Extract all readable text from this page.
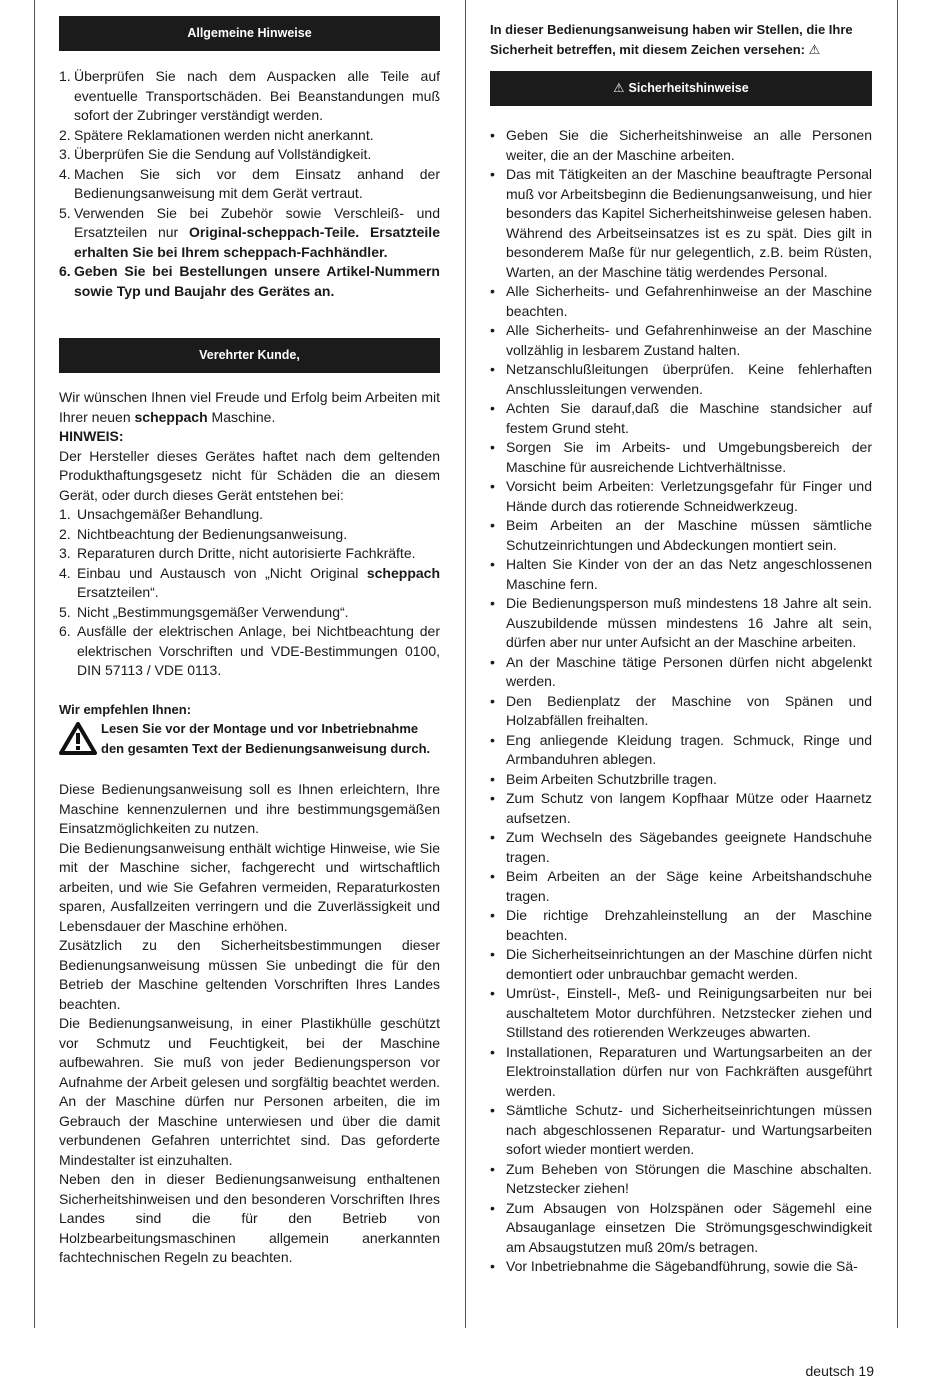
Allgemeine Hinweise
1. Überprüfen Sie nach dem Auspacken alle Teile auf eventuelle Transportschäden. Bei Beanstandungen muß sofort der Zubringer verständigt werden.
2. Spätere Reklamationen werden nicht anerkannt.
3. Überprüfen Sie die Sendung auf Vollständigkeit.
4. Machen Sie sich vor dem Einsatz anhand der Bedienungsanweisung mit dem Gerät vertraut.
5. Verwenden Sie bei Zubehör sowie Verschleiß- und Ersatzteilen nur Original-scheppach-Teile. Ersatzteile erhalten Sie bei Ihrem scheppach-Fachhändler.
6. Geben Sie bei Bestellungen unsere Artikel-Nummern sowie Typ und Baujahr des Gerätes an.
Verehrter Kunde,
Wir wünschen Ihnen viel Freude und Erfolg beim Arbeiten mit Ihrer neuen scheppach Maschine.
HINWEIS:
Der Hersteller dieses Gerätes haftet nach dem geltenden Produkthaftungsgesetz nicht für Schäden die an diesem Gerät, oder durch dieses Gerät entstehen bei:
1. Unsachgemäßer Behandlung.
2. Nichtbeachtung der Bedienungsanweisung.
3. Reparaturen durch Dritte, nicht autorisierte Fachkräfte.
4. Einbau und Austausch von „Nicht Original scheppach Ersatzteilen“.
5. Nicht „Bestimmungsgemäßer Verwendung“.
6. Ausfälle der elektrischen Anlage, bei Nichtbeachtung der elektrischen Vorschriften und VDE-Bestimmungen 0100, DIN 57113 / VDE 0113.
Wir empfehlen Ihnen:
Lesen Sie vor der Montage und vor Inbetriebnahme den gesamten Text der Bedienungsanweisung durch.
Diese Bedienungsanweisung soll es Ihnen erleichtern, Ihre Maschine kennenzulernen und ihre bestimmungsgemäßen Einsatzmöglichkeiten zu nutzen.
Die Bedienungsanweisung enthält wichtige Hinweise, wie Sie mit der Maschine sicher, fachgerecht und wirtschaftlich arbeiten, und wie Sie Gefahren vermeiden, Reparaturkosten sparen, Ausfallzeiten verringern und die Zuverlässigkeit und Lebensdauer der Maschine erhöhen.
Zusätzlich zu den Sicherheitsbestimmungen dieser Bedienungsanweisung müssen Sie unbedingt die für den Betrieb der Maschine geltenden Vorschriften Ihres Landes beachten.
Die Bedienungsanweisung, in einer Plastikhülle geschützt vor Schmutz und Feuchtigkeit, bei der Maschine aufbewahren. Sie muß von jeder Bedienungsperson vor Aufnahme der Arbeit gelesen und sorgfältig beachtet werden. An der Maschine dürfen nur Personen arbeiten, die im Gebrauch der Maschine unterwiesen und über die damit verbundenen Gefahren unterrichtet sind. Das geforderte Mindestalter ist einzuhalten.
Neben den in dieser Bedienungsanweisung enthaltenen Sicherheitshinweisen und den besonderen Vorschriften Ihres Landes sind die für den Betrieb von Holzbearbeitungsmaschinen allgemein anerkannten fachtechnischen Regeln zu beachten.
In dieser Bedienungsanweisung haben wir Stellen, die Ihre Sicherheit betreffen, mit diesem Zeichen versehen: ⚠
⚠ Sicherheitshinweise
• Geben Sie die Sicherheitshinweise an alle Personen weiter, die an der Maschine arbeiten.
• Das mit Tätigkeiten an der Maschine beauftragte Personal muß vor Arbeitsbeginn die Bedienungsanweisung, und hier besonders das Kapitel Sicherheitshinweise gelesen haben. Während des Arbeitseinsatzes ist es zu spät. Dies gilt in besonderem Maße für nur gelegentlich, z.B. beim Rüsten, Warten, an der Maschine tätig werdendes Personal.
• Alle Sicherheits- und Gefahrenhinweise an der Maschine beachten.
• Alle Sicherheits- und Gefahrenhinweise an der Maschine vollzählig in lesbarem Zustand halten.
• Netzanschlußleitungen überprüfen. Keine fehlerhaften Anschlussleitungen verwenden.
• Achten Sie darauf,daß die Maschine standsicher auf festem Grund steht.
• Sorgen Sie im Arbeits- und Umgebungsbereich der Maschine für ausreichende Lichtverhältnisse.
• Vorsicht beim Arbeiten: Verletzungsgefahr für Finger und Hände durch das rotierende Schneidwerkzeug.
• Beim Arbeiten an der Maschine müssen sämtliche Schutzeinrichtungen und Abdeckungen montiert sein.
• Halten Sie Kinder von der an das Netz angeschlossenen Maschine fern.
• Die Bedienungsperson muß mindestens 18 Jahre alt sein. Auszubildende müssen mindestens 16 Jahre alt sein, dürfen aber nur unter Aufsicht an der Maschine arbeiten.
• An der Maschine tätige Personen dürfen nicht abgelenkt werden.
• Den Bedienplatz der Maschine von Spänen und Holzabfällen freihalten.
• Eng anliegende Kleidung tragen. Schmuck, Ringe und Armbanduhren ablegen.
• Beim Arbeiten Schutzbrille tragen.
• Zum Schutz von langem Kopfhaar Mütze oder Haarnetz aufsetzen.
• Zum Wechseln des Sägebandes geeignete Handschuhe tragen.
• Beim Arbeiten an der Säge keine Arbeitshandschuhe tragen.
• Die richtige Drehzahleinstellung an der Maschine beachten.
• Die Sicherheitseinrichtungen an der Maschine dürfen nicht demontiert oder unbrauchbar gemacht werden.
• Umrüst-, Einstell-, Meß- und Reinigungsarbeiten nur bei auschaltetem Motor durchführen. Netzstecker ziehen und Stillstand des rotierenden Werkzeuges abwarten.
• Installationen, Reparaturen und Wartungsarbeiten an der Elektroinstallation dürfen nur von Fachkräften ausgeführt werden.
• Sämtliche Schutz- und Sicherheitseinrichtungen müssen nach abgeschlossenen Reparatur- und Wartungsarbeiten sofort wieder montiert werden.
• Zum Beheben von Störungen die Maschine abschalten. Netzstecker ziehen!
• Zum Absaugen von Holzspänen oder Sägemehl eine Absauganlage einsetzen Die Strömungsgeschwindigkeit am Absaugstutzen muß 20m/s betragen.
• Vor Inbetriebnahme die Sägebandführung, sowie die Sä-
deutsch 19
